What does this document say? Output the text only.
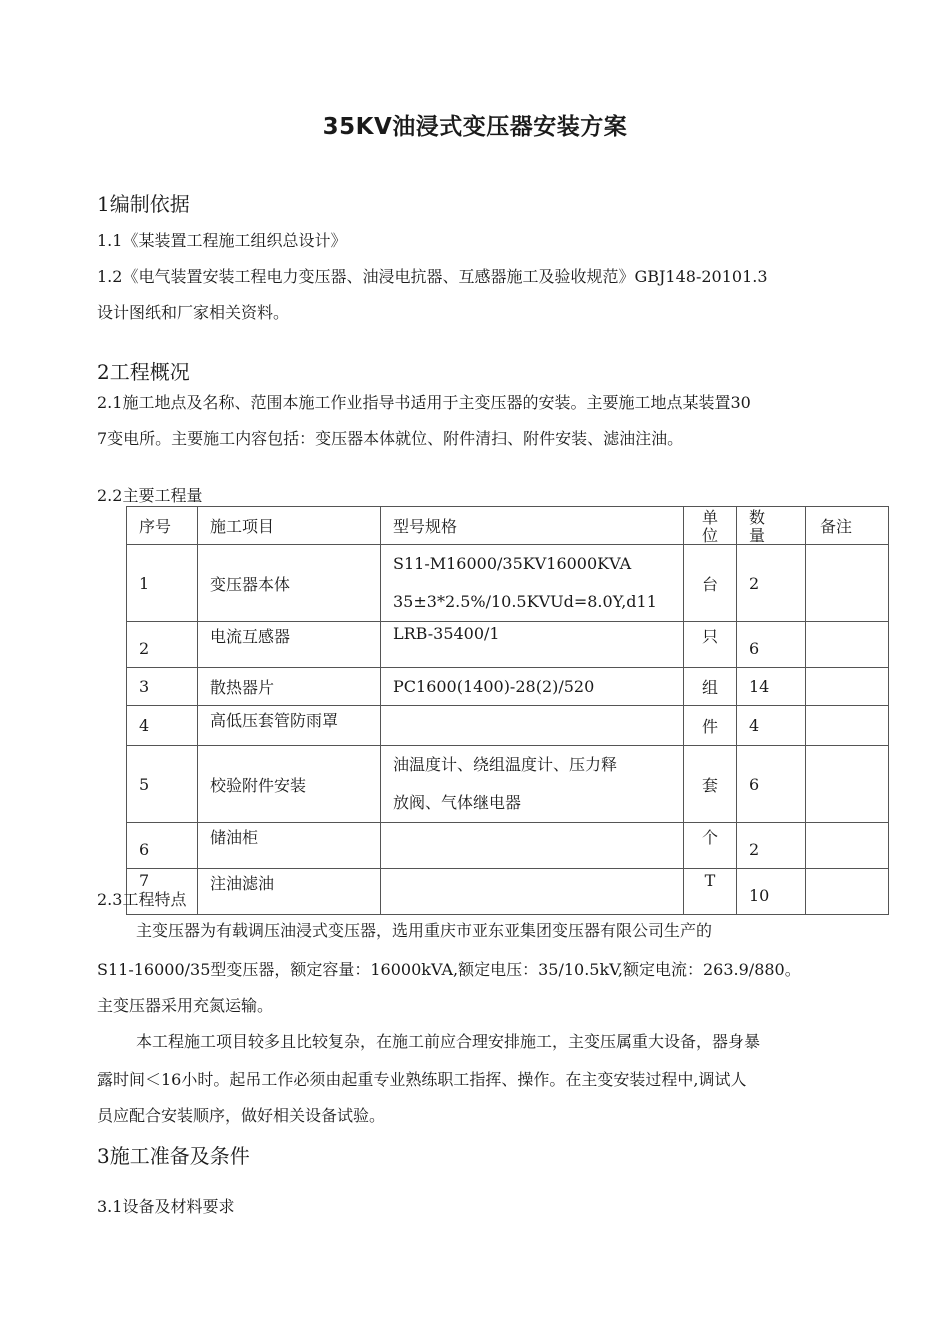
35KV油浸式变压器安装方案
1编制依据
1.1《某装置工程施工组织总设计》
1.2《电气装置安装工程电力变压器、油浸电抗器、互感器施工及验收规范》GBJ148-20101.3
设计图纸和厂家相关资料。
2工程概况
2.1施工地点及名称、范围本施工作业指导书适用于主变压器的安装。主要施工地点某装置30
7变电所。主要施工内容包括：变压器本体就位、附件清扫、附件安装、滤油注油。
2.2主要工程量
序号	施工项目	型号规格	单位	数量	备注
1	变压器本体	S11-M16000/35KV16000KVA
35±3*2.5%/10.5KVUd=8.0Y,d11	台	2	
2	电流互感器	LRB-35400/1	只	6	
3	散热器片	PC1600(1400)-28(2)/520	组	14	
4	高低压套管防雨罩		件	4	
5	校验附件安装	油温度计、绕组温度计、压力释
放阀、气体继电器	套	6	
6	储油柜		个	2	
7	注油滤油		T	10	
2.3工程特点
主变压器为有载调压油浸式变压器，选用重庆市亚东亚集团变压器有限公司生产的
S11-16000/35型变压器，额定容量：16000kVA,额定电压：35/10.5kV,额定电流：263.9/880。
主变压器采用充氮运输。
本工程施工项目较多且比较复杂，在施工前应合理安排施工，主变压属重大设备，器身暴
露时间＜16小时。起吊工作必须由起重专业熟练职工指挥、操作。在主变安装过程中,调试人
员应配合安装顺序，做好相关设备试验。
3施工准备及条件
3.1设备及材料要求
